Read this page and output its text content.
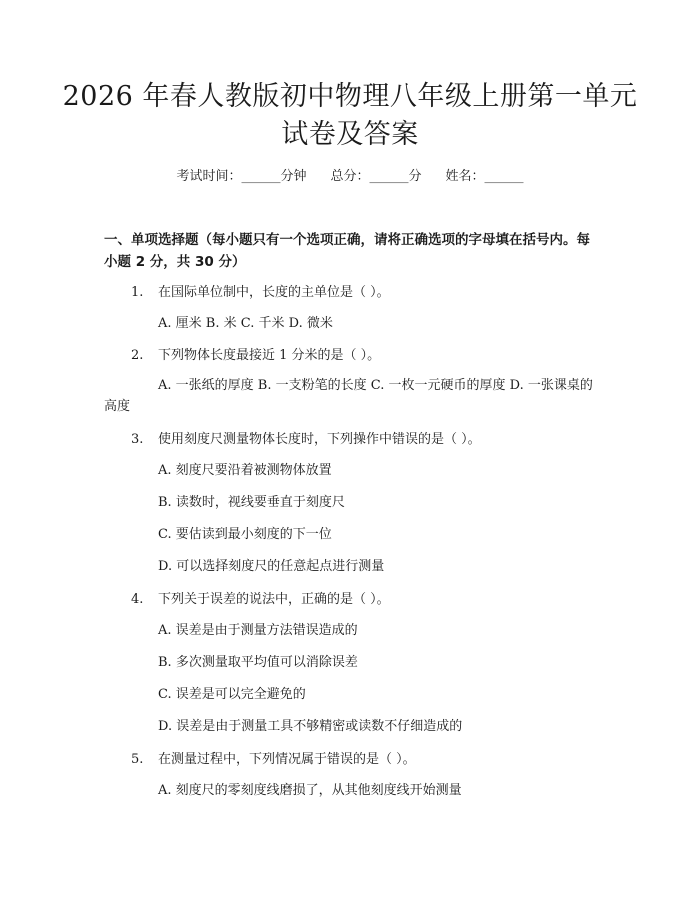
2026 年春人教版初中物理八年级上册第一单元试卷及答案
考试时间：______分钟 总分：______分 姓名：______
一、单项选择题（每小题只有一个选项正确，请将正确选项的字母填在括号内。每小题 2 分，共 30 分）
1. 在国际单位制中，长度的主单位是（ ）。
A. 厘米 B. 米 C. 千米 D. 微米
2. 下列物体长度最接近 1 分米的是（ ）。
A. 一张纸的厚度 B. 一支粉笔的长度 C. 一枚一元硬币的厚度 D. 一张课桌的高度
3. 使用刻度尺测量物体长度时，下列操作中错误的是（ ）。
A. 刻度尺要沿着被测物体放置
B. 读数时，视线要垂直于刻度尺
C. 要估读到最小刻度的下一位
D. 可以选择刻度尺的任意起点进行测量
4. 下列关于误差的说法中，正确的是（ ）。
A. 误差是由于测量方法错误造成的
B. 多次测量取平均值可以消除误差
C. 误差是可以完全避免的
D. 误差是由于测量工具不够精密或读数不仔细造成的
5. 在测量过程中，下列情况属于错误的是（ ）。
A. 刻度尺的零刻度线磨损了，从其他刻度线开始测量
